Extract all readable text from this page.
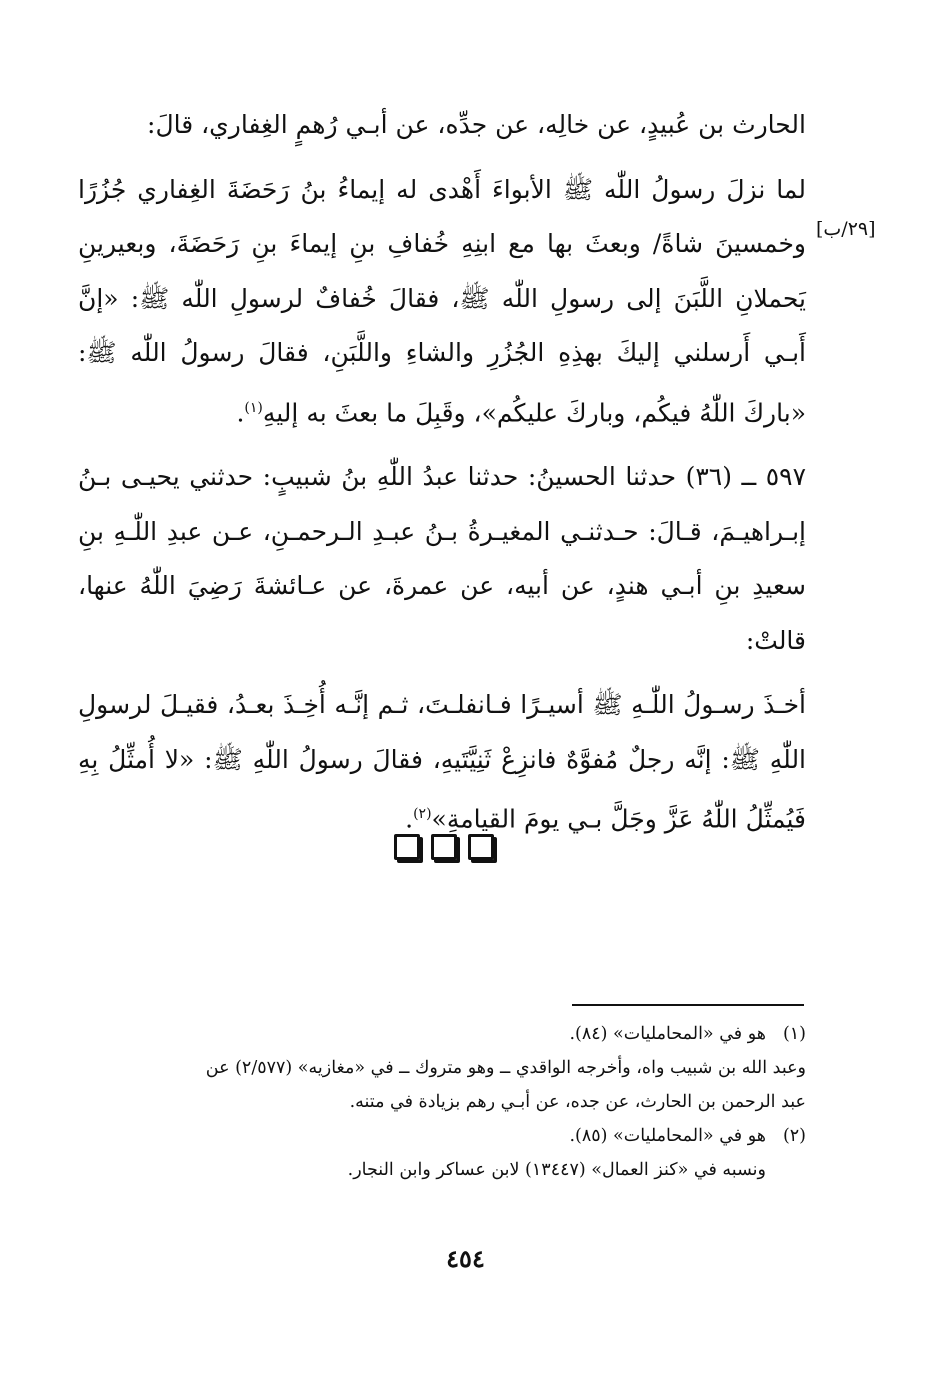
الحارث بن عُبيدٍ، عن خالِه، عن جدِّه، عن أبـي رُهمٍ الغِفاري، قالَ:

لما نزلَ رسولُ اللّٰه ﷺ الأبواءَ أَهْدى له إيماءُ بنُ رَحَضَةَ الغِفاري جُزُرًا وخمسينَ شاةً/ وبعثَ بها مع ابنِهِ خُفافِ بنِ إيماءَ بنِ رَحَضَةَ، وبعيرينِ يَحملانِ اللَّبَنَ إلى رسولِ اللّٰه ﷺ، فقالَ خُفافٌ لرسولِ اللّٰه ﷺ: «إنَّ أَبـي أَرسلني إليكَ بهذِهِ الجُزُرِ والشاءِ واللَّبَنِ، فقالَ رسولُ اللّٰه ﷺ: «باركَ اللّٰهُ فيكُم، وباركَ عليكُم»، وقَبِلَ ما بعثَ به إليهِ$^{(١)}$.

٥٩٧ ــ (٣٦) حدثنا الحسينُ: حدثنا عبدُ اللّٰهِ بنُ شبيبٍ: حدثني يحيـى بـنُ إبـراهيـمَ، قـالَ: حـدثنـي المغيـرةُ بـنُ عبـدِ الـرحمـنِ، عـن عبدِ اللّٰـهِ بنِ سعيدِ بنِ أبـي هندٍ، عن أبيه، عن عمرةَ، عن عـائشةَ رَضِيَ اللّٰهُ عنها، قالتْ:

أخـذَ رسـولُ اللّٰـهِ ﷺ أسيـرًا فـانفلـتَ، ثـم إنَّـه أُخِـذَ بعـدُ، فقيـلَ لرسولِ اللّٰهِ ﷺ: إنَّه رجلٌ مُفوَّهٌ فانزِعْ ثَنِيَّتَيهِ، فقالَ رسولُ اللّٰهِ ﷺ: «لا أُمثِّلُ بِهِ فَيُمثِّلُ اللّٰهُ عَزَّ وجَلَّ بـي يومَ القيامةِ»$^{(٢)}$.

[٢٩/ب]
(١)هو في «المحامليات» (٨٤).
وعبد الله بن شبيب واه، وأخرجه الواقدي ــ وهو متروك ــ في «مغازيه» (٢/٥٧٧) عن
عبد الرحمن بن الحارث، عن جده، عن أبـي رهم بزيادة في متنه.
(٢)هو في «المحامليات» (٨٥).
ونسبه في «كنز العمال» (١٣٤٤٧) لابن عساكر وابن النجار.
٤٥٤
